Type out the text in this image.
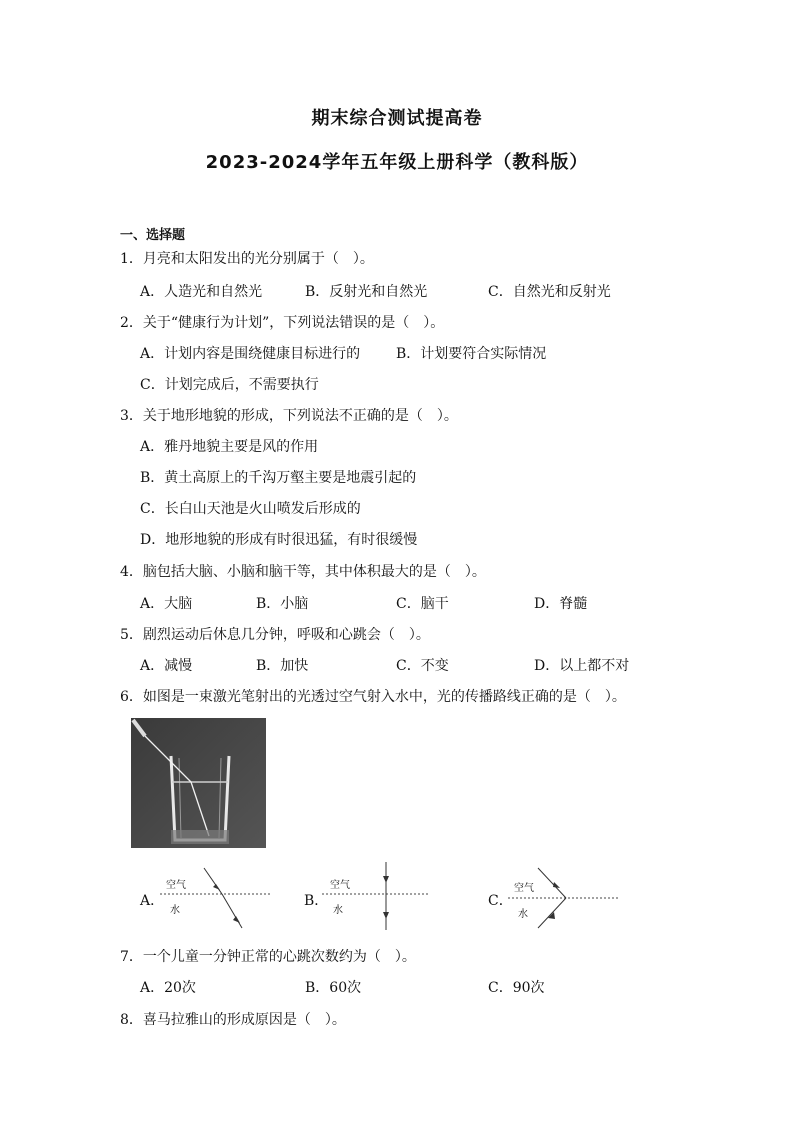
期末综合测试提高卷
2023-2024学年五年级上册科学（教科版）
一、选择题
1．月亮和太阳发出的光分别属于（　）。
A．人造光和自然光	B．反射光和自然光	C．自然光和反射光
2．关于“健康行为计划”，下列说法错误的是（　）。
A．计划内容是围绕健康目标进行的	B．计划要符合实际情况
C．计划完成后，不需要执行
3．关于地形地貌的形成，下列说法不正确的是（　）。
A．雅丹地貌主要是风的作用
B．黄土高原上的千沟万壑主要是地震引起的
C．长白山天池是火山喷发后形成的
D．地形地貌的形成有时很迅猛，有时很缓慢
4．脑包括大脑、小脑和脑干等，其中体积最大的是（　）。
A．大脑	B．小脑	C．脑干	D．脊髓
5．剧烈运动后休息几分钟，呼吸和心跳会（　）。
A．减慢	B．加快	C．不变	D．以上都不对
6．如图是一束激光笔射出的光透过空气射入水中，光的传播路线正确的是（　）。
A．
空气
水
B．
空气
水
C．
空气
水
7．一个儿童一分钟正常的心跳次数约为（　）。
A．20次	B．60次	C．90次
8．喜马拉雅山的形成原因是（　）。
